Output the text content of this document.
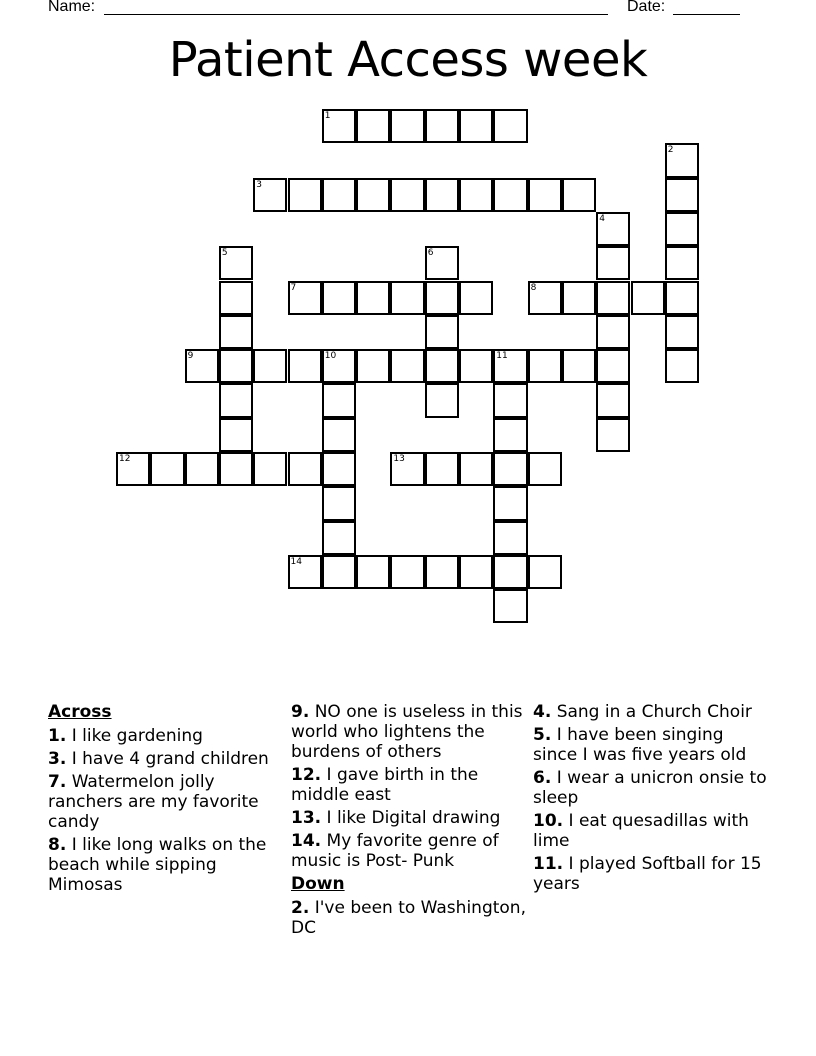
Name:	Date:
Patient Access week
1
2
3
4
5	6
7	8
9	10	11
12	13
14
Across
1. I like gardening
3. I have 4 grand children
7. Watermelon jolly ranchers are my favorite candy
8. I like long walks on the beach while sipping Mimosas
9. NO one is useless in this world who lightens the burdens of others
12. I gave birth in the middle east
13. I like Digital drawing
14. My favorite genre of music is Post- Punk
Down
2. I've been to Washington, DC
4. Sang in a Church Choir
5. I have been singing since I was five years old
6. I wear a unicron onsie to sleep
10. I eat quesadillas with lime
11. I played Softball for 15 years
